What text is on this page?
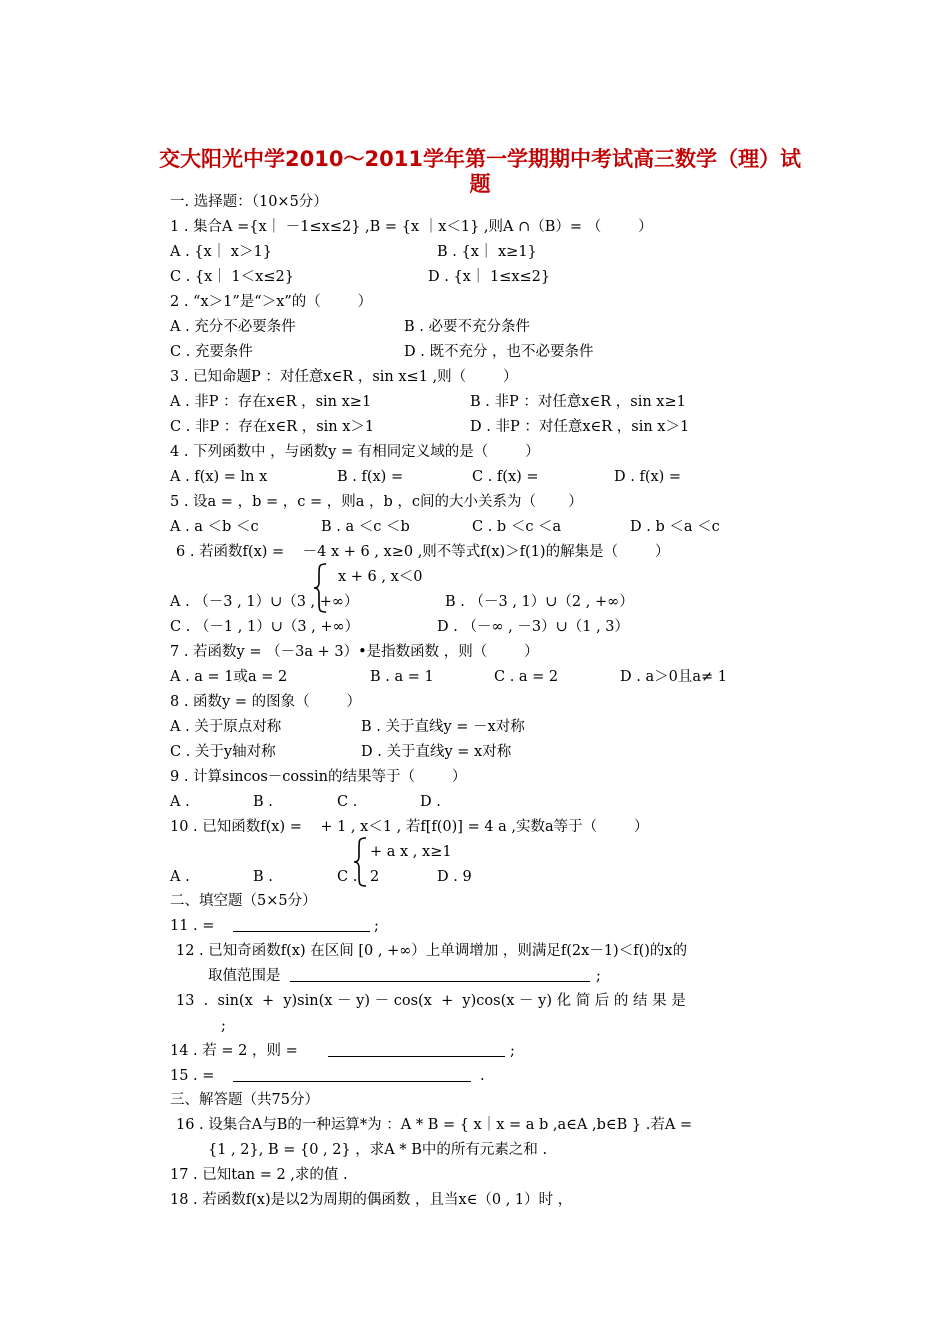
交大阳光中学2010～2011学年第一学期期中考试高三数学（理）试
题
一. 选择题：（10×5分）
1 . 集合A ={x｜ －1≤x≤2} ,B = {x ｜x＜1} ,则A ∩（B）= （        ）
A . {x｜ x＞1}	B . {x｜ x≥1}
C . {x｜ 1＜x≤2}	D . {x｜ 1≤x≤2}
2 . “x＞1”是“＞x”的（        ）
A . 充分不必要条件	B . 必要不充分条件
C . 充要条件	D . 既不充分 ，也不必要条件
3 . 已知命题P ：对任意x∈R ，sin x≤1 ,则（        ）
A . 非P ：存在x∈R ，sin x≥1	B . 非P ：对任意x∈R ，sin x≥1
C . 非P ：存在x∈R ，sin x＞1	D . 非P ：对任意x∈R ，sin x＞1
4 . 下列函数中 ，与函数y = 有相同定义域的是（        ）
A . f(x) = ln x	B . f(x) =	C . f(x) =	D . f(x) =
5 . 设a = ，b = ，c = ，则a ，b ，c间的大小关系为（       ）
A . a ＜b ＜c	B . a ＜c ＜b	C . b ＜c ＜a	D . b ＜a ＜c
6 . 若函数f(x) =    －4 x + 6 , x≥0 ,则不等式f(x)＞f(1)的解集是（        ）
x + 6 , x＜0
A . （－3 , 1）∪（3 , +∞）	B . （－3 , 1）∪（2 , +∞）
C . （－1 , 1）∪（3 , +∞）	D . （－∞ , －3）∪（1 , 3）
7 . 若函数y = （－3a + 3）•是指数函数 ，则（        ）
A . a = 1或a = 2	B . a = 1	C . a = 2	D . a＞0且a≠ 1
8 . 函数y = 的图象（        ）
A . 关于原点对称	B . 关于直线y = －x对称
C . 关于y轴对称	D . 关于直线y = x对称
9 . 计算sincos－cossin的结果等于（        ）
A .	B .	C .	D .
10 . 已知函数f(x) =    + 1 , x＜1 , 若f[f(0)] = 4 a ,实数a等于（        ）
+ a x , x≥1
A .	B .	C . 2	D . 9
二、填空题（5×5分）
11 . =	;
12 . 已知奇函数f(x) 在区间 [0 , +∞）上单调增加 ，则满足f(2x－1)＜f()的x的
取值范围是	;
13  .  sin(x  +  y)sin(x － y) － cos(x  +  y)cos(x － y) 化 简 后 的 结 果 是
;
14 . 若 = 2 ，则 =	;
15 . =	.
三、解答题（共75分）
16 . 设集合A与B的一种运算*为 ：A * B = { x｜x = a b ,a∈A ,b∈B } .若A =
{1 , 2}, B = {0 , 2} ，求A * B中的所有元素之和 .
17 . 已知tan = 2 ,求的值 .
18 . 若函数f(x)是以2为周期的偶函数 ，且当x∈（0 , 1）时 ，
